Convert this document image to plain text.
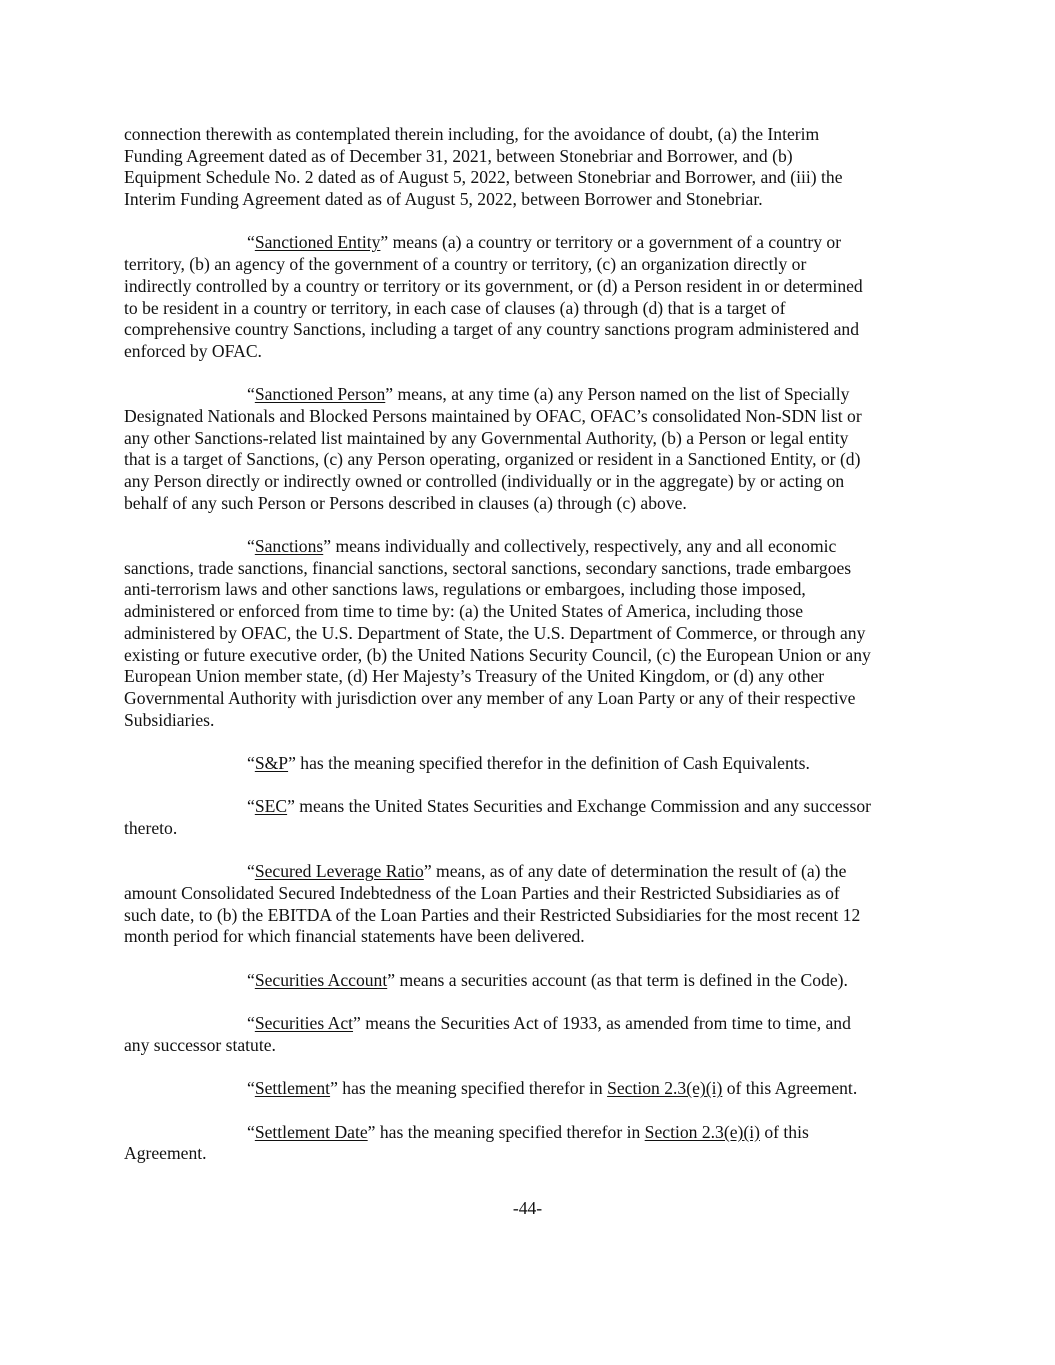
connection therewith as contemplated therein including, for the avoidance of doubt, (a) the Interim
Funding Agreement dated as of December 31, 2021, between Stonebriar and Borrower, and (b)
Equipment Schedule No. 2 dated as of August 5, 2022, between Stonebriar and Borrower, and (iii) the
Interim Funding Agreement dated as of August 5, 2022, between Borrower and Stonebriar.
“Sanctioned Entity” means (a) a country or territory or a government of a country or
territory, (b) an agency of the government of a country or territory, (c) an organization directly or
indirectly controlled by a country or territory or its government, or (d) a Person resident in or determined
to be resident in a country or territory, in each case of clauses (a) through (d) that is a target of
comprehensive country Sanctions, including a target of any country sanctions program administered and
enforced by OFAC.
“Sanctioned Person” means, at any time (a) any Person named on the list of Specially
Designated Nationals and Blocked Persons maintained by OFAC, OFAC’s consolidated Non-SDN list or
any other Sanctions-related list maintained by any Governmental Authority, (b) a Person or legal entity
that is a target of Sanctions, (c) any Person operating, organized or resident in a Sanctioned Entity, or (d)
any Person directly or indirectly owned or controlled (individually or in the aggregate) by or acting on
behalf of any such Person or Persons described in clauses (a) through (c) above.
“Sanctions” means individually and collectively, respectively, any and all economic
sanctions, trade sanctions, financial sanctions, sectoral sanctions, secondary sanctions, trade embargoes
anti-terrorism laws and other sanctions laws, regulations or embargoes, including those imposed,
administered or enforced from time to time by: (a) the United States of America, including those
administered by OFAC, the U.S. Department of State, the U.S. Department of Commerce, or through any
existing or future executive order, (b) the United Nations Security Council, (c) the European Union or any
European Union member state, (d) Her Majesty’s Treasury of the United Kingdom, or (d) any other
Governmental Authority with jurisdiction over any member of any Loan Party or any of their respective
Subsidiaries.
“S&P” has the meaning specified therefor in the definition of Cash Equivalents.
“SEC” means the United States Securities and Exchange Commission and any successor
thereto.
“Secured Leverage Ratio” means, as of any date of determination the result of (a) the
amount Consolidated Secured Indebtedness of the Loan Parties and their Restricted Subsidiaries as of
such date, to (b) the EBITDA of the Loan Parties and their Restricted Subsidiaries for the most recent 12
month period for which financial statements have been delivered.
“Securities Account” means a securities account (as that term is defined in the Code).
“Securities Act” means the Securities Act of 1933, as amended from time to time, and
any successor statute.
“Settlement” has the meaning specified therefor in Section 2.3(e)(i) of this Agreement.
“Settlement Date” has the meaning specified therefor in Section 2.3(e)(i) of this
Agreement.
-44-
